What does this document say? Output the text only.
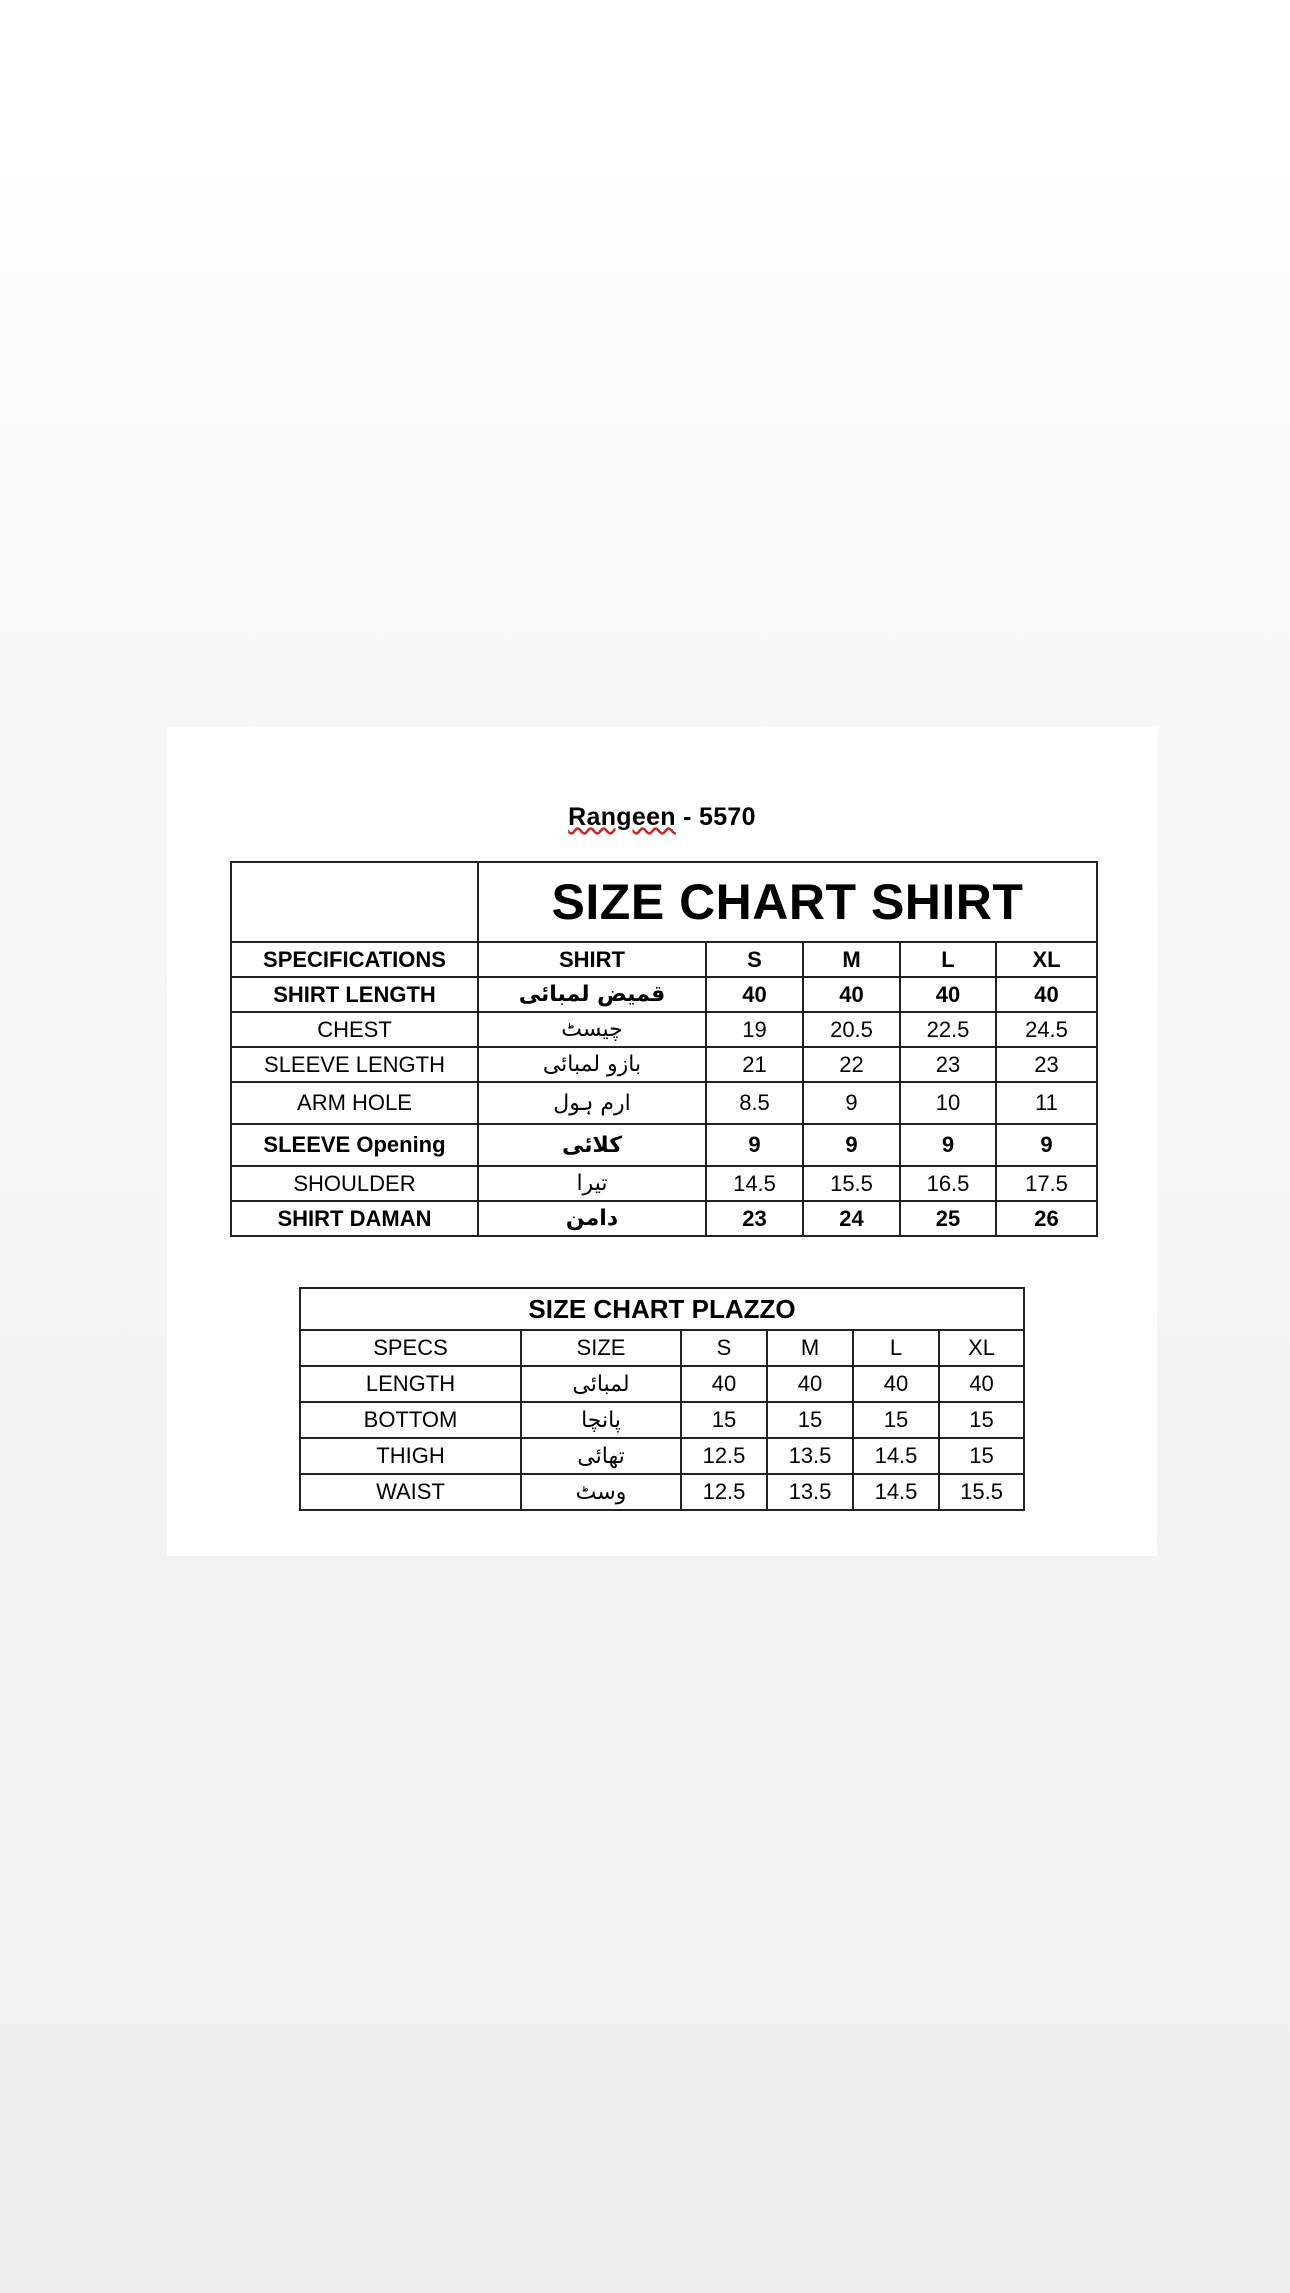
Rangeen - 5570
	SIZE CHART SHIRT				
SPECIFICATIONS	SHIRT	S	M	L	XL
SHIRT LENGTH	قمیض لمبائی	40	40	40	40
CHEST	چیسٹ	19	20.5	22.5	24.5
SLEEVE LENGTH	بازو لمبائی	21	22	23	23
ARM HOLE	ارم ہول	8.5	9	10	11
SLEEVE Opening	کلائی	9	9	9	9
SHOULDER	تیرا	14.5	15.5	16.5	17.5
SHIRT DAMAN	دامن	23	24	25	26
SIZE CHART PLAZZO					
SPECS	SIZE	S	M	L	XL
LENGTH	لمبائی	40	40	40	40
BOTTOM	پانچا	15	15	15	15
THIGH	تھائی	12.5	13.5	14.5	15
WAIST	وسٹ	12.5	13.5	14.5	15.5
